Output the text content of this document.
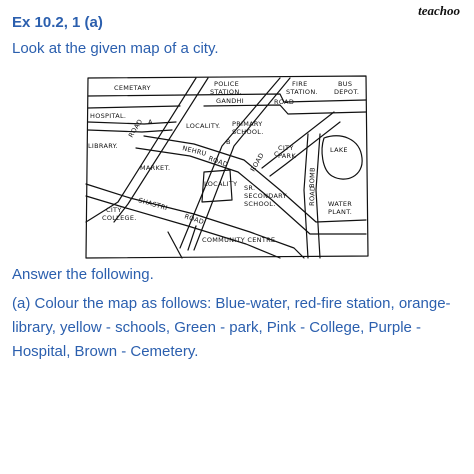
teachoo
Ex 10.2, 1 (a)
Look at the given map of a city.
CEMETARY	POLICE
STATION.
FIRE
STATION.
BUS
DEPOT.
HOSPITAL.
LOCALITY. PRIMARY
SCHOOL.
LIBRARY.	CITY
PARK
LAKE
MARKET.
LOCALITY SR.
SECONDARY
SCHOOL.
CITY
COLLEGE.
WATER
PLANT.
COMMUNITY CENTRE.
GANDHI	ROAD
ROAD A
B
C
NEHRU
ROAD	ROAD
BOMB
ROAD
SHASTRI
ROAD
Answer the following.
(a) Colour the map as follows: Blue-water, red-fire station, orange-library, yellow - schools, Green - park, Pink - College, Purple - Hospital, Brown - Cemetery.
